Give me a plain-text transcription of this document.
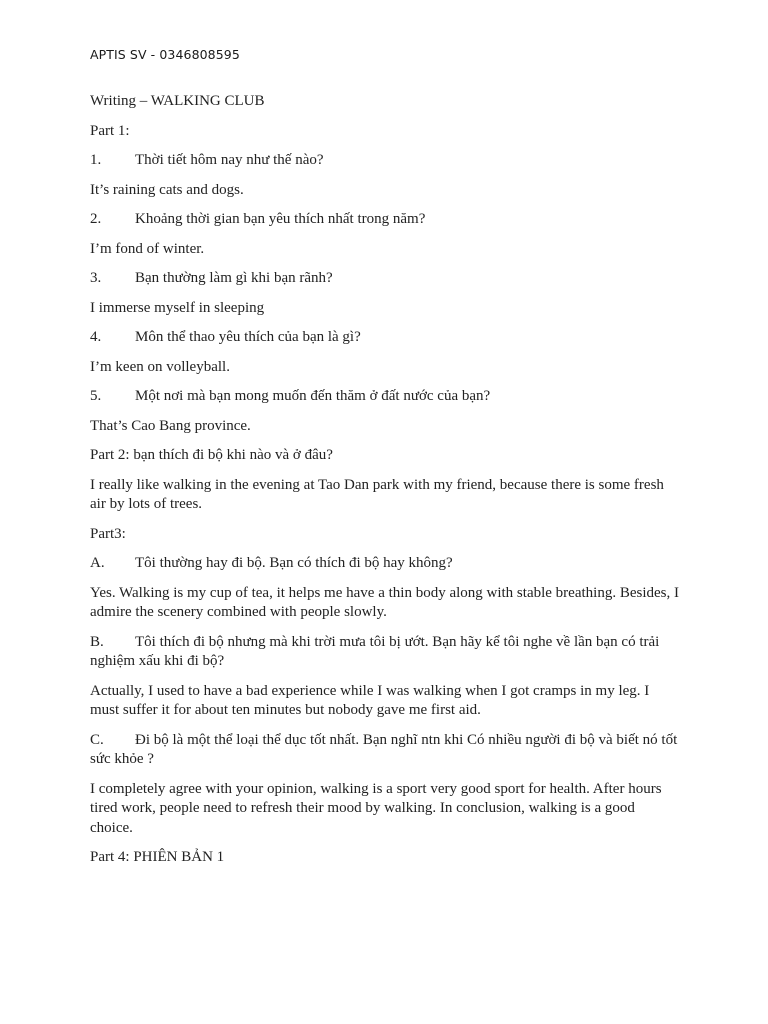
APTIS SV - 0346808595

Writing – WALKING CLUB

Part 1:

1. Thời tiết hôm nay như thế nào?

It’s raining cats and dogs.

2. Khoảng thời gian bạn yêu thích nhất trong năm?

I’m fond of winter.

3. Bạn thường làm gì khi bạn rãnh?

I immerse myself in sleeping

4. Môn thể thao yêu thích của bạn là gì?

I’m keen on volleyball.

5. Một nơi mà bạn mong muốn đến thăm ở đất nước của bạn?

That’s Cao Bang province.

Part 2: bạn thích đi bộ khi nào và ở đâu?

I really like walking in the evening at Tao Dan park with my friend, because there is some fresh air by lots of trees.

Part3:

A. Tôi thường hay đi bộ. Bạn có thích đi bộ hay không?

Yes. Walking is my cup of tea, it helps me have a thin body along with stable breathing. Besides, I admire the scenery combined with people slowly.

B. Tôi thích đi bộ nhưng mà khi trời mưa tôi bị ướt. Bạn hãy kể tôi nghe về lần bạn có trải nghiệm xấu khi đi bộ?

Actually, I used to have a bad experience while I was walking when I got cramps in my leg. I must suffer it for about ten minutes but nobody gave me first aid.

C. Đi bộ là một thể loại thể dục tốt nhất. Bạn nghĩ ntn khi Có nhiều người đi bộ và biết nó tốt sức khỏe ?

I completely agree with your opinion, walking is a sport very good sport for health. After hours tired work, people need to refresh their mood by walking. In conclusion, walking is a good choice.

Part 4: PHIÊN BẢN 1
